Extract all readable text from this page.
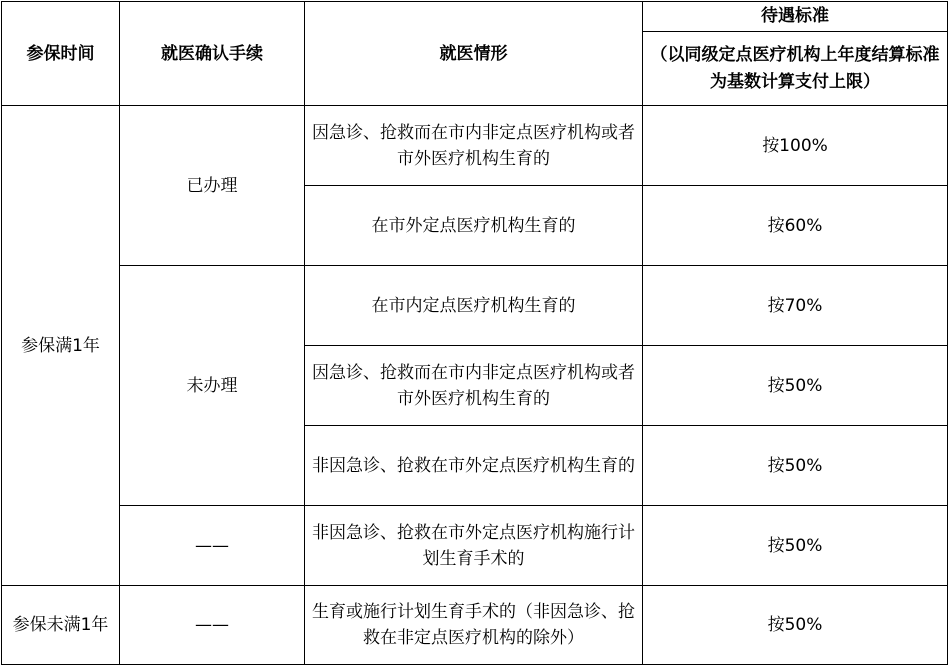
参保时间	就医确认手续	就医情形	待遇标准
（以同级定点医疗机构上年度结算标准为基数计算支付上限）

参保满1年	已办理	因急诊、抢救而在市内非定点医疗机构或者市外医疗机构生育的	按100%
		在市外定点医疗机构生育的	按60%
	未办理	在市内定点医疗机构生育的	按70%
		因急诊、抢救而在市内非定点医疗机构或者市外医疗机构生育的	按50%
		非因急诊、抢救在市外定点医疗机构生育的	按50%
	——	非因急诊、抢救在市外定点医疗机构施行计划生育手术的	按50%
参保未满1年	——	生育或施行计划生育手术的（非因急诊、抢救在非定点医疗机构的除外）	按50%
